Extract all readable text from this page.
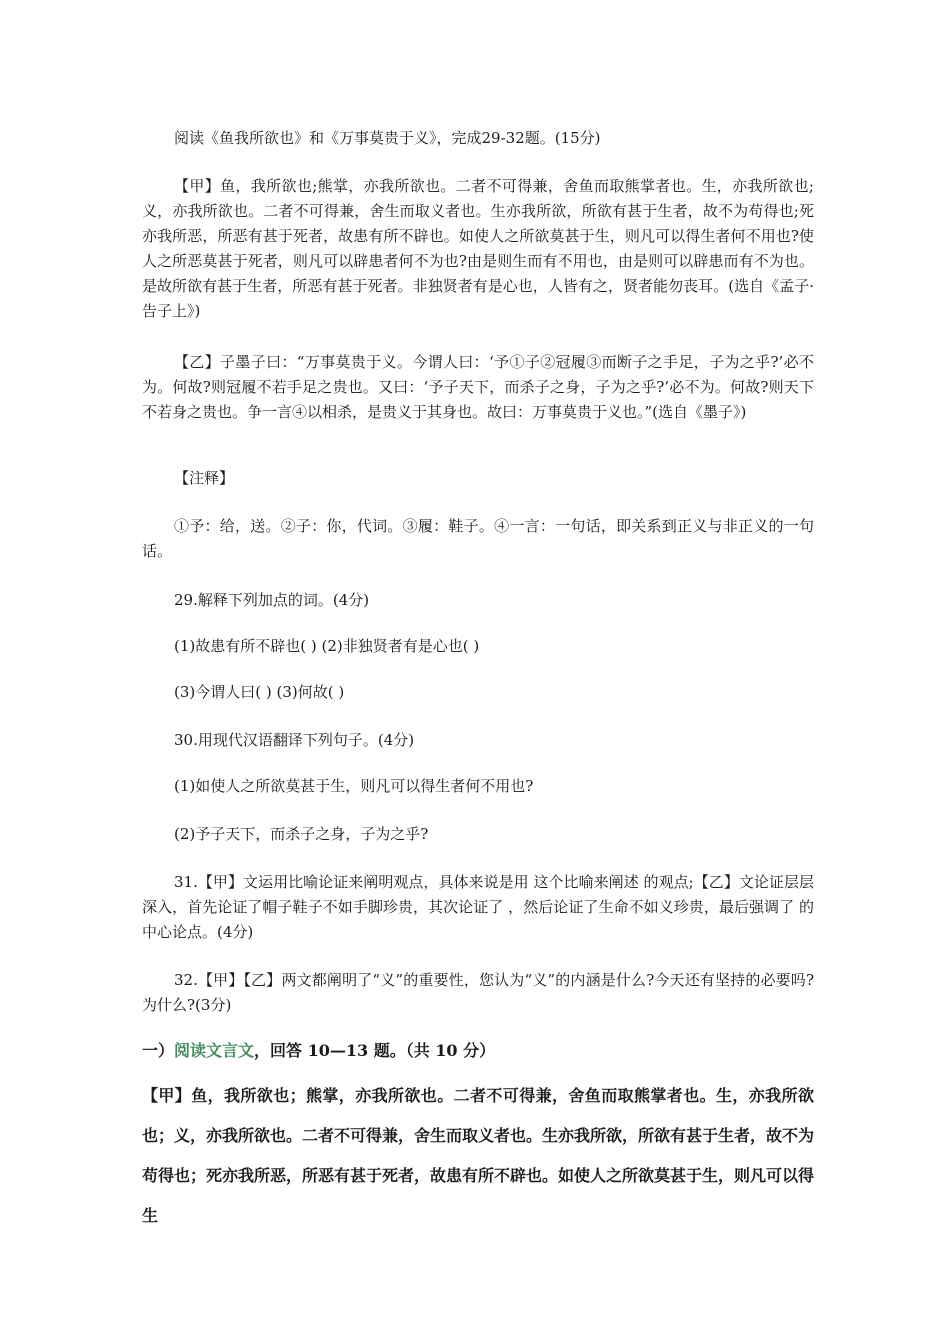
阅读《鱼我所欲也》和《万事莫贵于义》，完成29-32题。(15分)

【甲】鱼，我所欲也;熊掌，亦我所欲也。二者不可得兼，舍鱼而取熊掌者也。生，亦我所欲也;义，亦我所欲也。二者不可得兼，舍生而取义者也。生亦我所欲，所欲有甚于生者，故不为苟得也;死亦我所恶，所恶有甚于死者，故患有所不辟也。如使人之所欲莫甚于生，则凡可以得生者何不用也?使人之所恶莫甚于死者，则凡可以辟患者何不为也?由是则生而有不用也，由是则可以辟患而有不为也。是故所欲有甚于生者，所恶有甚于死者。非独贤者有是心也，人皆有之，贤者能勿丧耳。(选自《孟子·告子上》)

【乙】子墨子曰：“万事莫贵于义。今谓人曰：‘予①子②冠履③而断子之手足，子为之乎?’必不为。何故?则冠履不若手足之贵也。又曰：‘予子天下，而杀子之身，子为之乎?’必不为。何故?则天下不若身之贵也。争一言④以相杀，是贵义于其身也。故曰：万事莫贵于义也。”(选自《墨子》)

【注释】

①予：给，送。②子：你，代词。③履：鞋子。④一言：一句话，即关系到正义与非正义的一句话。

29.解释下列加点的词。(4分)

(1)故患有所不辟也( ) (2)非独贤者有是心也( )

(3)今谓人曰( ) (3)何故( )

30.用现代汉语翻译下列句子。(4分)

(1)如使人之所欲莫甚于生，则凡可以得生者何不用也?

(2)予子天下，而杀子之身，子为之乎?

31.【甲】文运用比喻论证来阐明观点，具体来说是用 这个比喻来阐述 的观点;【乙】文论证层层深入，首先论证了帽子鞋子不如手脚珍贵，其次论证了 ，然后论证了生命不如义珍贵，最后强调了 的中心论点。(4分)

32.【甲】【乙】两文都阐明了“义”的重要性，您认为“义”的内涵是什么?今天还有坚持的必要吗?为什么?(3分)

一）阅读文言文，回答 10—13 题。（共 10 分）

【甲】鱼，我所欲也；熊掌，亦我所欲也。二者不可得兼，舍鱼而取熊掌者也。生，亦我所欲也；义，亦我所欲也。二者不可得兼，舍生而取义者也。生亦我所欲，所欲有甚于生者，故不为苟得也；死亦我所恶，所恶有甚于死者，故患有所不辟也。如使人之所欲莫甚于生，则凡可以得生
